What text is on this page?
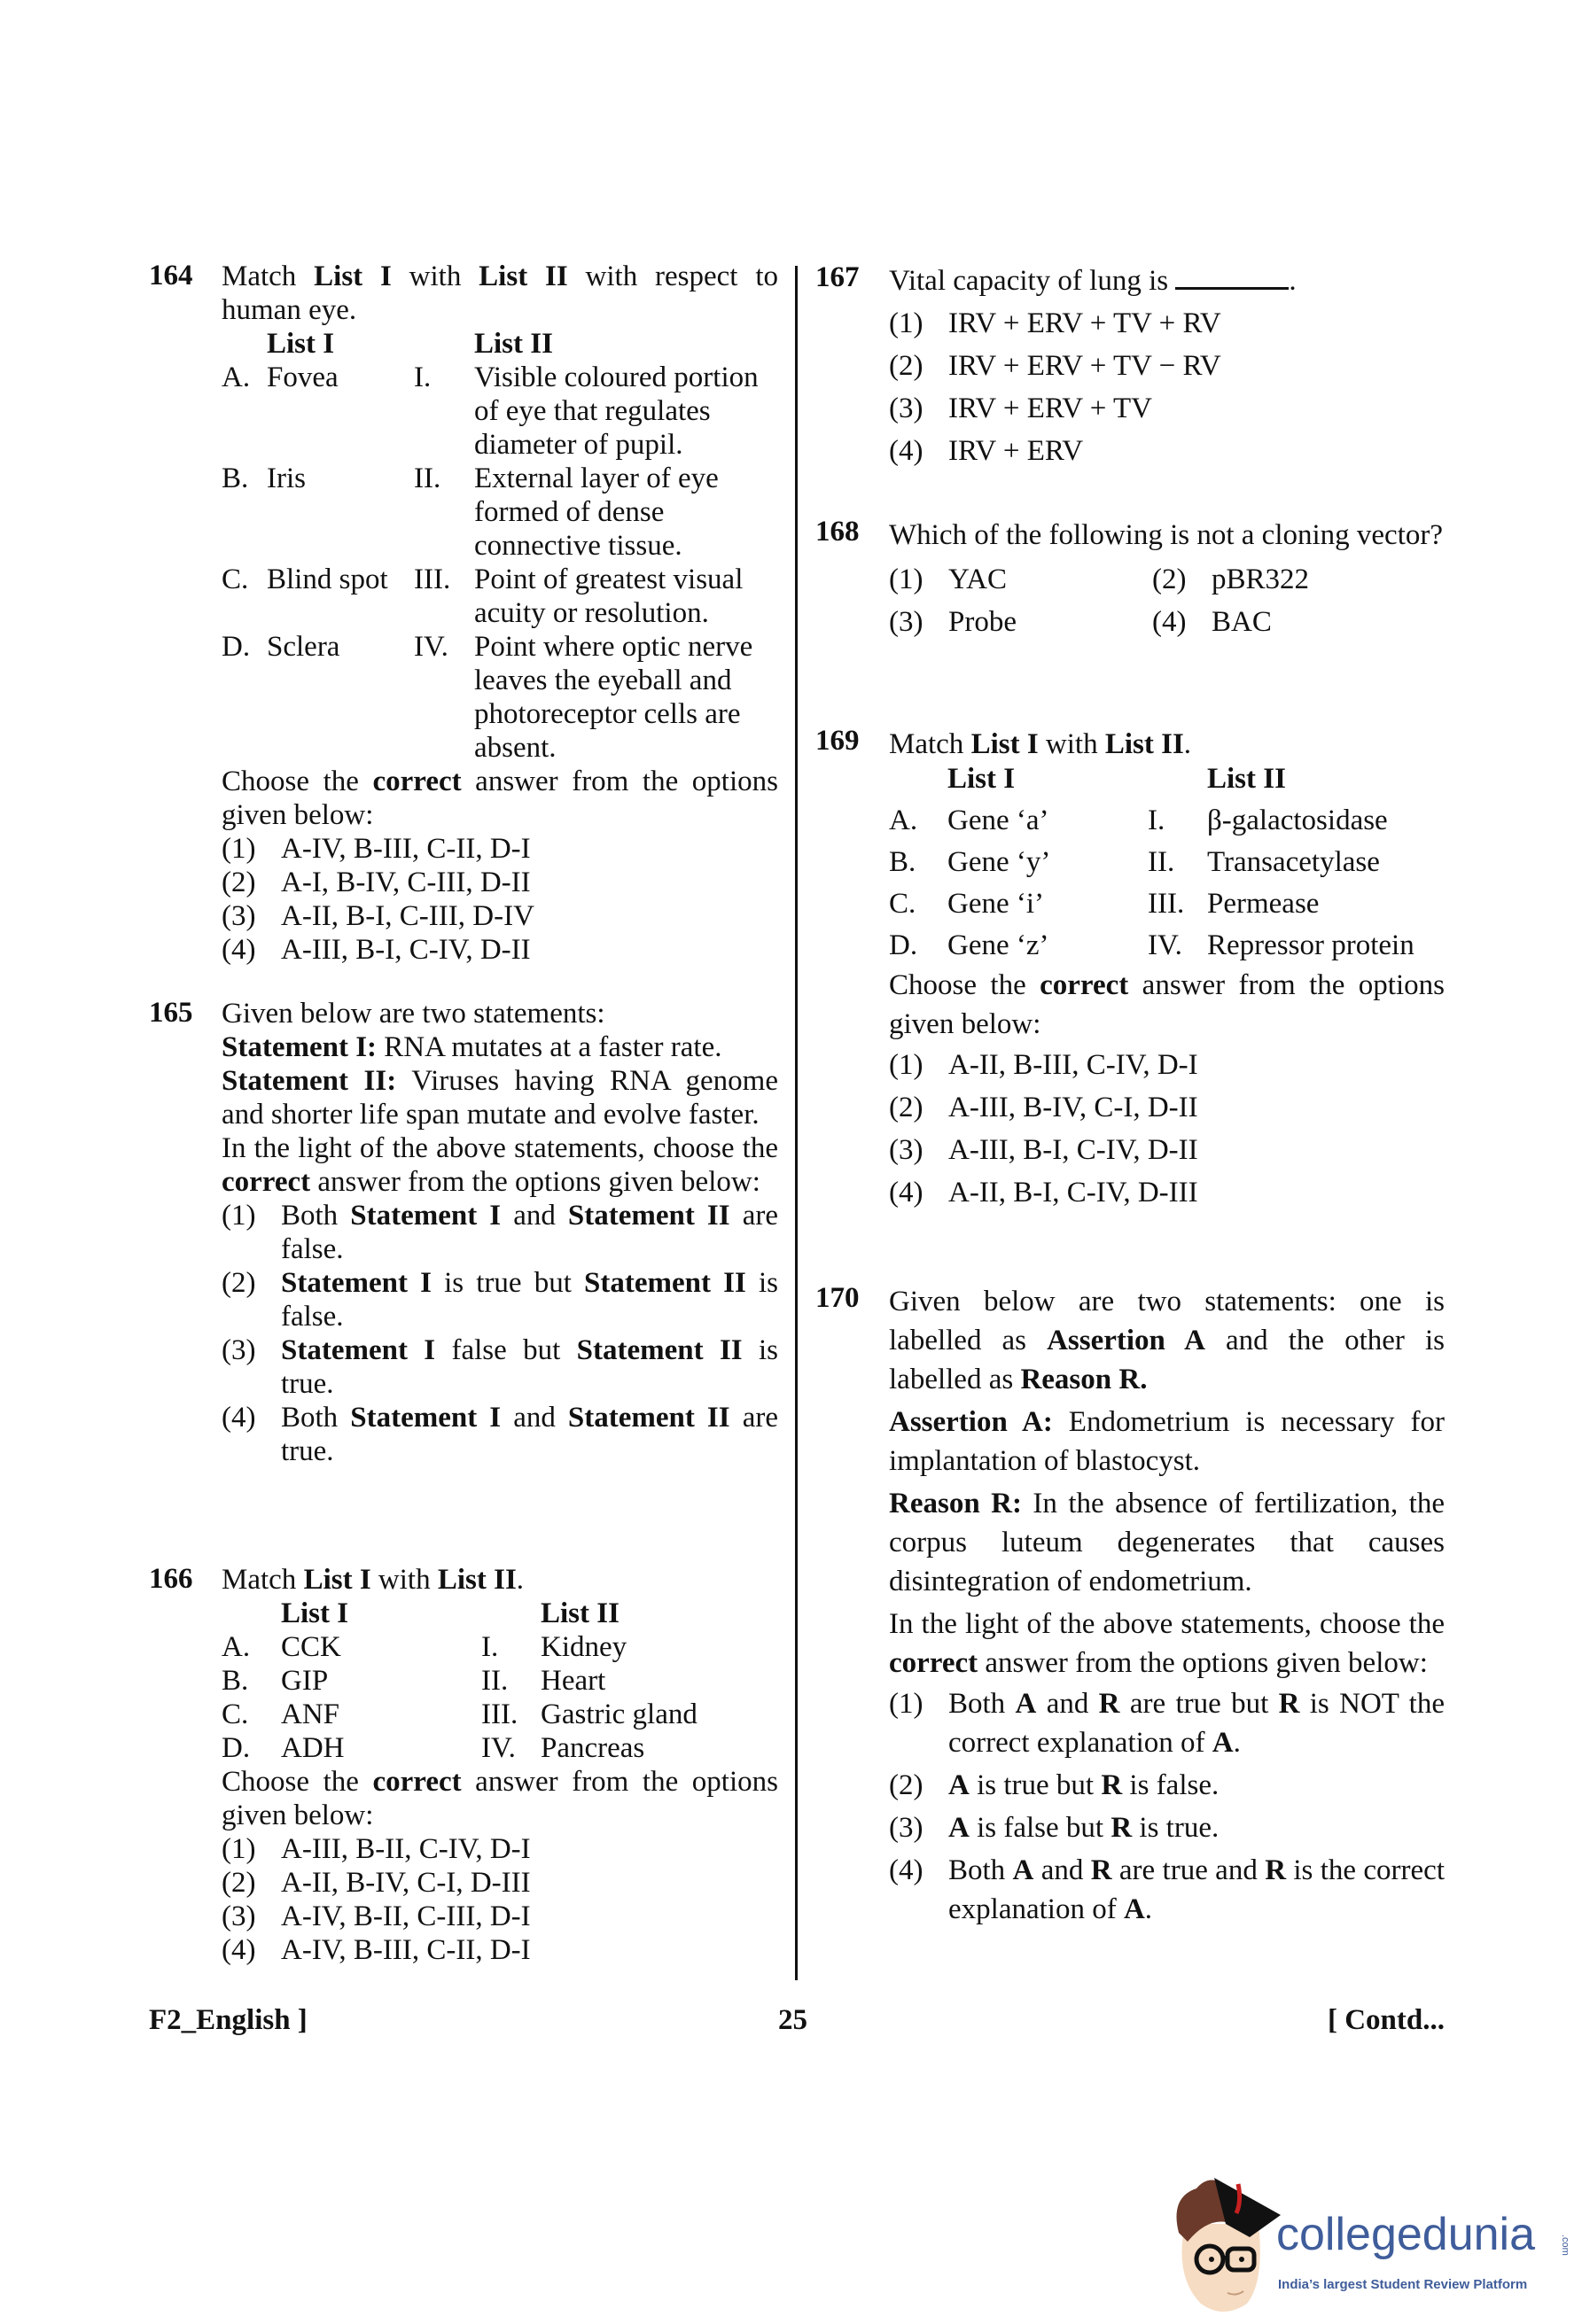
164 Match List I with List II with respect to human eye.
List I	List II
A. Fovea	I.	Visible coloured portion of eye that regulates diameter of pupil.
B. Iris	II.	External layer of eye formed of dense connective tissue.
C. Blind spot III. Point of greatest visual acuity or resolution.
D. Sclera	IV. Point where optic nerve leaves the eyeball and photoreceptor cells are absent.
Choose the correct answer from the options given below:
(1) A-IV, B-III, C-II, D-I
(2) A-I, B-IV, C-III, D-II
(3) A-II, B-I, C-III, D-IV
(4) A-III, B-I, C-IV, D-II
165 Given below are two statements:
Statement I: RNA mutates at a faster rate.
Statement II: Viruses having RNA genome and shorter life span mutate and evolve faster.
In the light of the above statements, choose the correct answer from the options given below:
(1) Both Statement I and Statement II are false.
(2) Statement I is true but Statement II is false.
(3) Statement I false but Statement II is true.
(4) Both Statement I and Statement II are true.
166 Match List I with List II.
List I	List II
A.	CCK	I.	Kidney
B.	GIP	II.	Heart
C.	ANF	III. Gastric gland
D.	ADH	IV. Pancreas
Choose the correct answer from the options given below:
(1) A-III, B-II, C-IV, D-I
(2) A-II, B-IV, C-I, D-III
(3) A-IV, B-II, C-III, D-I
(4) A-IV, B-III, C-II, D-I
167 Vital capacity of lung is	.
(1) IRV + ERV + TV + RV
(2) IRV + ERV + TV − RV
(3) IRV + ERV + TV
(4) IRV + ERV
168 Which of the following is not a cloning vector?
(1) YAC	(2) pBR322
(3) Probe	(4) BAC
169 Match List I with List II.
List I	List II
A.	Gene ‘a’	I.	β-galactosidase
B.	Gene ‘y’	II.	Transacetylase
C.	Gene ‘i’	III. Permease
D.	Gene ‘z’	IV. Repressor protein
Choose the correct answer from the options given below:
(1) A-II, B-III, C-IV, D-I
(2) A-III, B-IV, C-I, D-II
(3) A-III, B-I, C-IV, D-II
(4) A-II, B-I, C-IV, D-III
170 Given below are two statements: one is labelled as Assertion A and the other is labelled as Reason R.
Assertion A: Endometrium is necessary for implantation of blastocyst.
Reason R: In the absence of fertilization, the corpus luteum degenerates that causes disintegration of endometrium.
In the light of the above statements, choose the correct answer from the options given below:
(1) Both A and R are true but R is NOT the correct explanation of A.
(2) A is true but R is false.
(3) A is false but R is true.
(4) Both A and R are true and R is the correct explanation of A.
F2_English ]	25	[ Contd...
collegedunia	.com
India’s largest Student Review Platform
